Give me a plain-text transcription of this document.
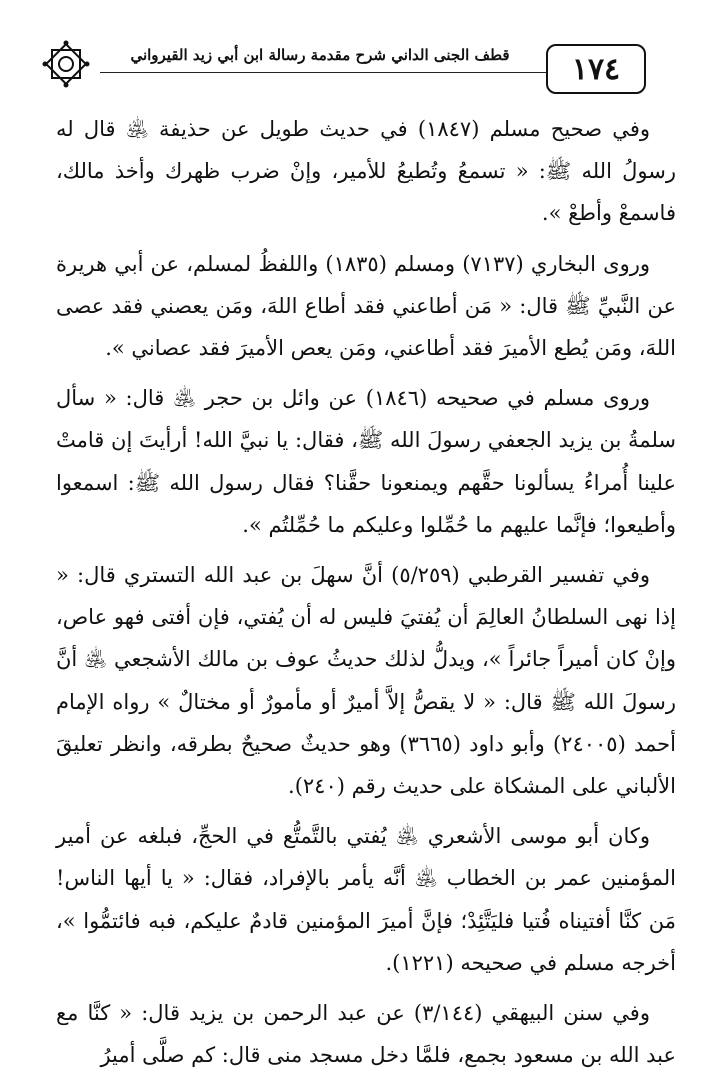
قطف الجنى الداني شرح مقدمة رسالة ابن أبي زيد القيرواني	١٧٤

وفي صحيح مسلم (١٨٤٧) في حديث طويل عن حذيفة ﵁ قال له رسولُ الله ﷺ: « تسمعُ وتُطيعُ للأمير، وإنْ ضرب ظهرك وأخذ مالك، فاسمعْ وأطعْ ».

وروى البخاري (٧١٣٧) ومسلم (١٨٣٥) واللفظُ لمسلم، عن أبي هريرة عن النَّبيِّ ﷺ قال: « مَن أطاعني فقد أطاع اللهَ، ومَن يعصني فقد عصى اللهَ، ومَن يُطع الأميرَ فقد أطاعني، ومَن يعص الأميرَ فقد عصاني ».

وروى مسلم في صحيحه (١٨٤٦) عن وائل بن حجر ﵁ قال: « سأل سلمةُ بن يزيد الجعفي رسولَ الله ﷺ، فقال: يا نبيَّ الله! أرأيتَ إن قامتْ علينا أُمراءُ يسألونا حقَّهم ويمنعونا حقَّنا؟ فقال رسول الله ﷺ: اسمعوا وأطيعوا؛ فإنَّما عليهم ما حُمِّلوا وعليكم ما حُمِّلتُم ».

وفي تفسير القرطبي (٥/٢٥٩) أنَّ سهلَ بن عبد الله التستري قال: « إذا نهى السلطانُ العالِمَ أن يُفتيَ فليس له أن يُفتي، فإن أفتى فهو عاص، وإنْ كان أميراً جائراً »، ويدلُّ لذلك حديثُ عوف بن مالك الأشجعي ﵁ أنَّ رسولَ الله ﷺ قال: « لا يقصُّ إلاَّ أميرٌ أو مأمورٌ أو مختالٌ » رواه الإمام أحمد (٢٤٠٠٥) وأبو داود (٣٦٦٥) وهو حديثٌ صحيحٌ بطرقه، وانظر تعليقَ الألباني على المشكاة على حديث رقم (٢٤٠).

وكان أبو موسى الأشعري ﵁ يُفتي بالتَّمتُّع في الحجِّ، فبلغه عن أمير المؤمنين عمر بن الخطاب ﵁ أنَّه يأمر بالإفراد، فقال: « يا أيها الناس! مَن كنَّا أفتيناه فُتيا فليَتَّئِدْ؛ فإنَّ أميرَ المؤمنين قادمٌ عليكم، فبه فائتمُّوا »، أخرجه مسلم في صحيحه (١٢٢١).

وفي سنن البيهقي (٣/١٤٤) عن عبد الرحمن بن يزيد قال: « كنَّا مع عبد الله بن مسعود بجمع، فلمَّا دخل مسجد منى قال: كم صلَّى أميرُ
